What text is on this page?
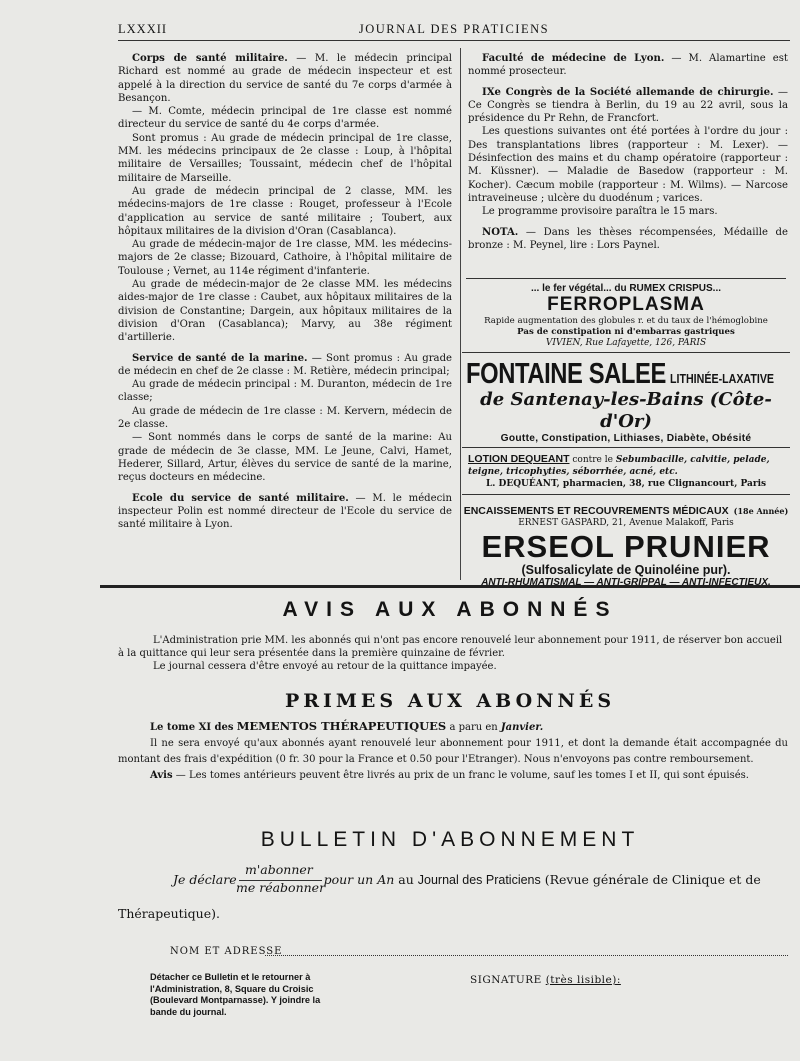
LXXXII	JOURNAL DES PRATICIENS

Corps de santé militaire. — M. le médecin principal Richard est nommé au grade de médecin inspecteur et est appelé à la direction du service de santé du 7e corps d'armée à Besançon.

— M. Comte, médecin principal de 1re classe est nommé directeur du service de santé du 4e corps d'armée.

Sont promus : Au grade de médecin principal de 1re classe, MM. les médecins principaux de 2e classe : Loup, à l'hôpital militaire de Versailles; Toussaint, médecin chef de l'hôpital militaire de Marseille.

Au grade de médecin principal de 2 classe, MM. les médecins-majors de 1re classe : Rouget, professeur à l'Ecole d'application au service de santé militaire ; Toubert, aux hôpitaux militaires de la division d'Oran (Casablanca).

Au grade de médecin-major de 1re classe, MM. les médecins-majors de 2e classe; Bizouard, Cathoire, à l'hôpital militaire de Toulouse ; Vernet, au 114e régiment d'infanterie.

Au grade de médecin-major de 2e classe MM. les médecins aides-major de 1re classe : Caubet, aux hôpitaux militaires de la division de Constantine; Dargein, aux hôpitaux militaires de la division d'Oran (Casablanca); Marvy, au 38e régiment d'artillerie.

Service de santé de la marine. — Sont promus : Au grade de médecin en chef de 2e classe : M. Retière, médecin principal;

Au grade de médecin principal : M. Duranton, médecin de 1re classe;

Au grade de médecin de 1re classe : M. Kervern, médecin de 2e classe.

— Sont nommés dans le corps de santé de la marine: Au grade de médecin de 3e classe, MM. Le Jeune, Calvi, Hamet, Hederer, Sillard, Artur, élèves du service de santé de la marine, reçus docteurs en médecine.

Ecole du service de santé militaire. — M. le médecin inspecteur Polin est nommé directeur de l'Ecole du service de santé militaire à Lyon.

Faculté de médecine de Lyon. — M. Alamartine est nommé prosecteur.

IXe Congrès de la Société allemande de chirurgie. — Ce Congrès se tiendra à Berlin, du 19 au 22 avril, sous la présidence du Pr Rehn, de Francfort.

Les questions suivantes ont été portées à l'ordre du jour : Des transplantations libres (rapporteur : M. Lexer). — Désinfection des mains et du champ opératoire (rapporteur : M. Küssner). — Maladie de Basedow (rapporteur : M. Kocher). Cæcum mobile (rapporteur : M. Wilms). — Narcose intraveineuse ; ulcère du duodénum ; varices.

Le programme provisoire paraîtra le 15 mars.

NOTA. — Dans les thèses récompensées, Médaille de bronze : M. Peynel, lire : Lors Paynel.

... le fer végétal... du RUMEX CRISPUS...
FERROPLASMA
Rapide augmentation des globules r. et du taux de l'hémoglobine
Pas de constipation ni d'embarras gastriques
VIVIEN, Rue Lafayette, 126, PARIS
FONTAINE SALEE LITHINÉE-LAXATIVE
de Santenay-les-Bains (Côte-d'Or)
Goutte, Constipation, Lithiases, Diabète, Obésité
LOTION DEQUEANT contre le Sebumbacille, calvitie, pelade,
teigne, tricophyties, séborrhée, acné, etc.
L. DEQUÉANT, pharmacien, 38, rue Clignancourt, Paris
ENCAISSEMENTS ET RECOUVREMENTS MÉDICAUX (18e Année)
ERNEST GASPARD, 21, Avenue Malakoff, Paris
ERSEOL PRUNIER
(Sulfosalicylate de Quinoléine pur).
ANTI-RHUMATISMAL — ANTI-GRIPPAL — ANTI-INFECTIEUX.
AVIS AUX ABONNÉS

L'Administration prie MM. les abonnés qui n'ont pas encore renouvelé leur abonnement pour 1911, de réserver bon accueil à la quittance qui leur sera présentée dans la première quinzaine de février.

Le journal cessera d'être envoyé au retour de la quittance impayée.

PRIMES AUX ABONNÉS

Le tome XI des MEMENTOS THÉRAPEUTIQUES a paru en Janvier.

Il ne sera envoyé qu'aux abonnés ayant renouvelé leur abonnement pour 1911, et dont la demande était accompagnée du montant des frais d'expédition (0 fr. 30 pour la France et 0.50 pour l'Etranger). Nous n'envoyons pas contre remboursement.

Avis — Les tomes antérieurs peuvent être livrés au prix de un franc le volume, sauf les tomes I et II, qui sont épuisés.

BULLETIN D'ABONNEMENT
m'abonner
me réabonner
Je déclare	pour un An au Journal des Praticiens (Revue générale de Clinique et de
Thérapeutique).
NOM ET ADRESSE
Détacher ce Bulletin et le retourner à l'Administration, 8, Square du Croisic (Boulevard Montparnasse). Y joindre la bande du journal.
SIGNATURE (très lisible):
